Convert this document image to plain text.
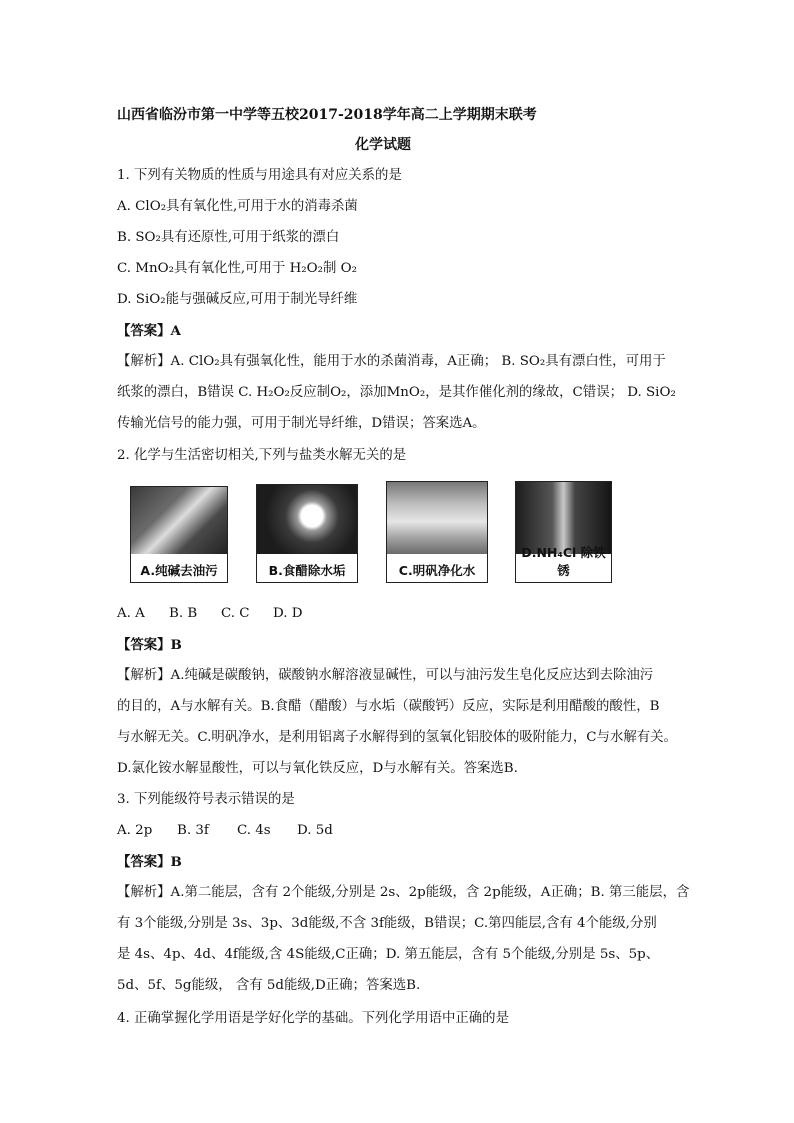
山西省临汾市第一中学等五校2017-2018学年高二上学期期末联考
化学试题
1. 下列有关物质的性质与用途具有对应关系的是
A. ClO₂具有氧化性,可用于水的消毒杀菌
B. SO₂具有还原性,可用于纸浆的漂白
C. MnO₂具有氧化性,可用于 H₂O₂制 O₂
D. SiO₂能与强碱反应,可用于制光导纤维
【答案】A
【解析】A. ClO₂具有强氧化性，能用于水的杀菌消毒，A正确； B. SO₂具有漂白性，可用于
纸浆的漂白，B错误 C. H₂O₂反应制O₂，添加MnO₂，是其作催化剂的缘故，C错误； D. SiO₂
传输光信号的能力强，可用于制光导纤维，D错误；答案选A。
2. 化学与生活密切相关,下列与盐类水解无关的是
A.纯碱去油污	B.食醋除水垢	C.明矾净化水
D.NH₄Cl 除铁锈
A. A B. B C. C D. D
【答案】B
【解析】A.纯碱是碳酸钠，碳酸钠水解溶液显碱性，可以与油污发生皂化反应达到去除油污
的目的，A与水解有关。B.食醋（醋酸）与水垢（碳酸钙）反应，实际是利用醋酸的酸性，B
与水解无关。C.明矾净水，是利用铝离子水解得到的氢氧化铝胶体的吸附能力，C与水解有关。
D.氯化铵水解显酸性，可以与氧化铁反应，D与水解有关。答案选B.
3. 下列能级符号表示错误的是
A. 2p B. 3f C. 4s D. 5d
【答案】B
【解析】A.第二能层，含有 2个能级,分别是 2s、2p能级，含 2p能级，A正确；B. 第三能层，含
有 3个能级,分别是 3s、3p、3d能级,不含 3f能级，B错误；C.第四能层,含有 4个能级,分别
是 4s、4p、4d、4f能级,含 4S能级,C正确；D. 第五能层，含有 5个能级,分别是 5s、5p、
5d、5f、5g能级， 含有 5d能级,D正确；答案选B.
4. 正确掌握化学用语是学好化学的基础。下列化学用语中正确的是
